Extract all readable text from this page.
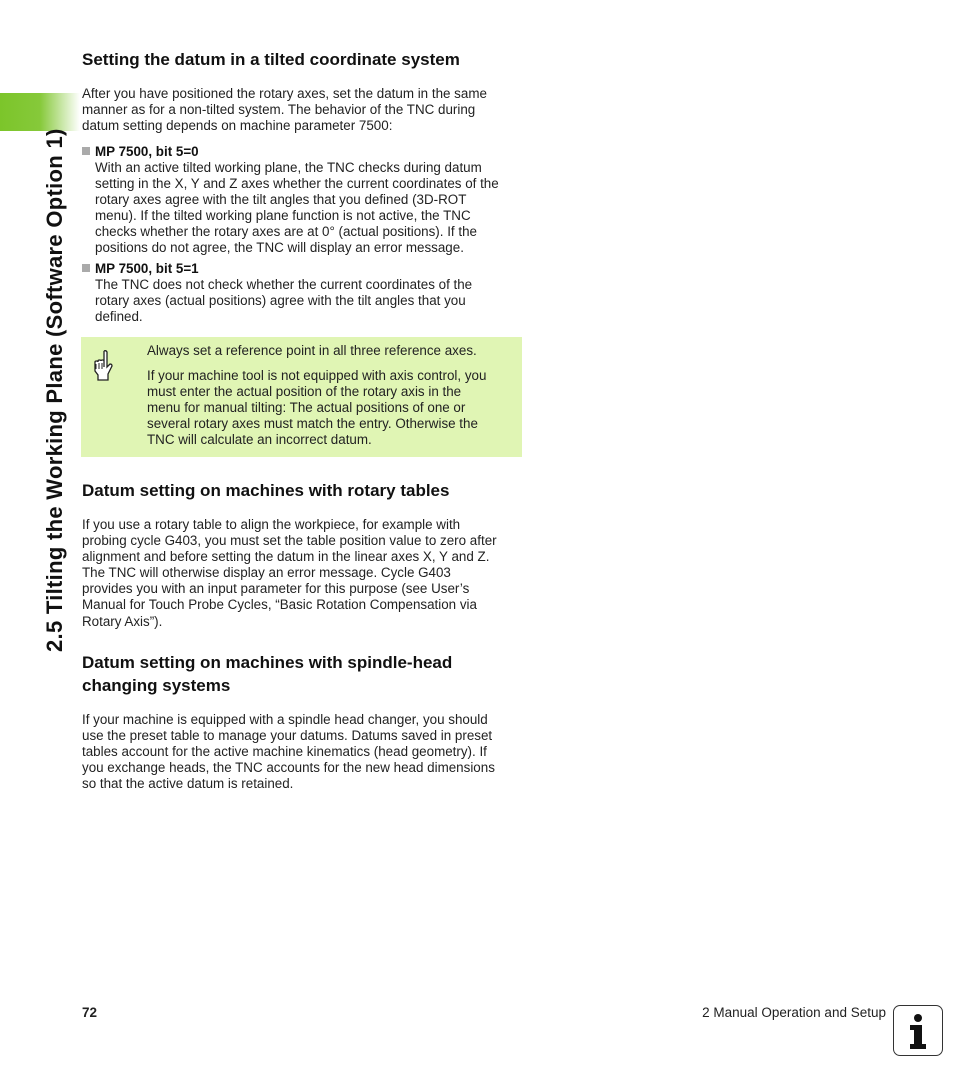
2.5 Tilting the Working Plane (Software Option 1)
Setting the datum in a tilted coordinate system
After you have positioned the rotary axes, set the datum in the same
manner as for a non-tilted system. The behavior of the TNC during
datum setting depends on machine parameter 7500:
MP 7500, bit 5=0
With an active tilted working plane, the TNC checks during datum
setting in the X, Y and Z axes whether the current coordinates of the
rotary axes agree with the tilt angles that you defined (3D-ROT
menu). If the tilted working plane function is not active, the TNC
checks whether the rotary axes are at 0° (actual positions). If the
positions do not agree, the TNC will display an error message.
MP 7500, bit 5=1
The TNC does not check whether the current coordinates of the
rotary axes (actual positions) agree with the tilt angles that you
defined.
Always set a reference point in all three reference axes.
If your machine tool is not equipped with axis control, you
must enter the actual position of the rotary axis in the
menu for manual tilting: The actual positions of one or
several rotary axes must match the entry. Otherwise the
TNC will calculate an incorrect datum.
Datum setting on machines with rotary tables
If you use a rotary table to align the workpiece, for example with
probing cycle G403, you must set the table position value to zero after
alignment and before setting the datum in the linear axes X, Y and Z.
The TNC will otherwise display an error message. Cycle G403
provides you with an input parameter for this purpose (see User’s
Manual for Touch Probe Cycles, “Basic Rotation Compensation via
Rotary Axis”).
Datum setting on machines with spindle-head
changing systems
If your machine is equipped with a spindle head changer, you should
use the preset table to manage your datums. Datums saved in preset
tables account for the active machine kinematics (head geometry). If
you exchange heads, the TNC accounts for the new head dimensions
so that the active datum is retained.
72	2 Manual Operation and Setup
